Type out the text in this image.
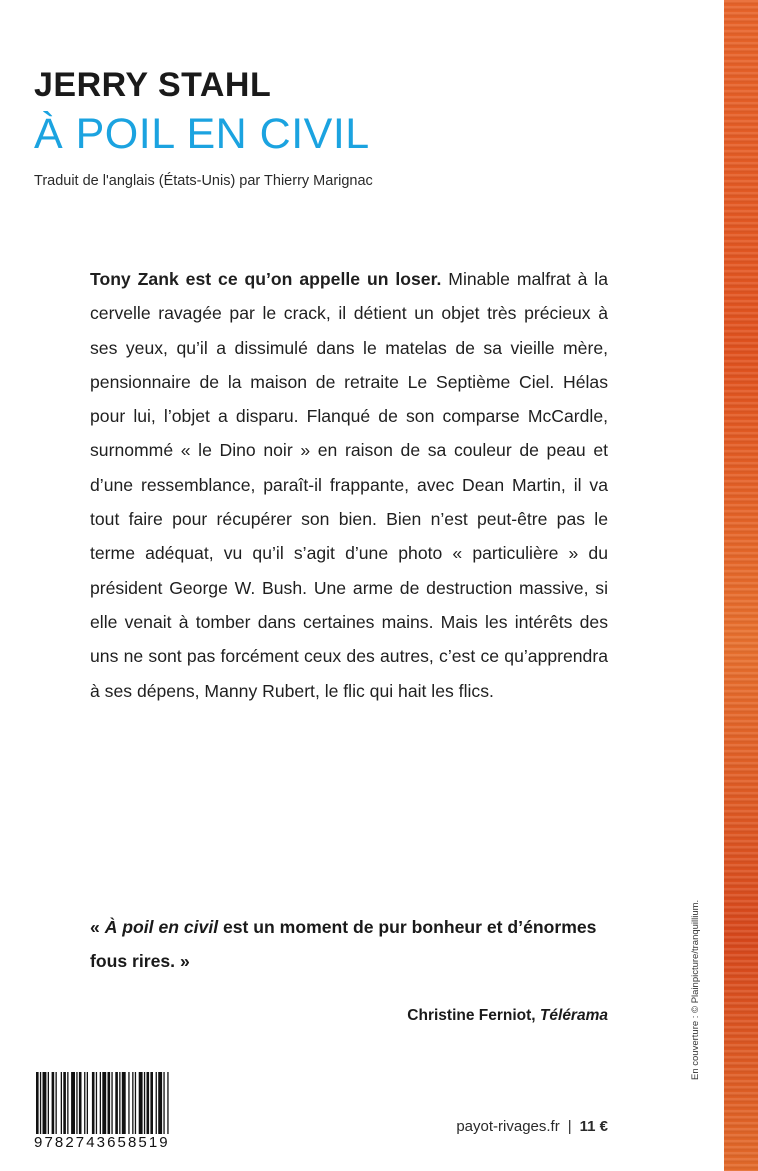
JERRY STAHL
À POIL EN CIVIL
Traduit de l'anglais (États-Unis) par Thierry Marignac
Tony Zank est ce qu’on appelle un loser. Minable malfrat à la cervelle ravagée par le crack, il détient un objet très précieux à ses yeux, qu’il a dissimulé dans le matelas de sa vieille mère, pensionnaire de la maison de retraite Le Septième Ciel. Hélas pour lui, l’objet a disparu. Flanqué de son comparse McCardle, surnommé « le Dino noir » en raison de sa couleur de peau et d’une ressemblance, paraît-il frappante, avec Dean Martin, il va tout faire pour récupérer son bien. Bien n’est peut-être pas le terme adéquat, vu qu’il s’agit d’une photo « particulière » du président George W. Bush. Une arme de destruction massive, si elle venait à tomber dans certaines mains. Mais les intérêts des uns ne sont pas forcément ceux des autres, c’est ce qu’apprendra à ses dépens, Manny Rubert, le flic qui hait les flics.
« À poil en civil est un moment de pur bonheur et d’énormes fous rires. »
Christine Ferniot, Télérama
9782743658519
payot-rivages.fr | 11 €
En couverture : © Plainpicture/tranquillium.
